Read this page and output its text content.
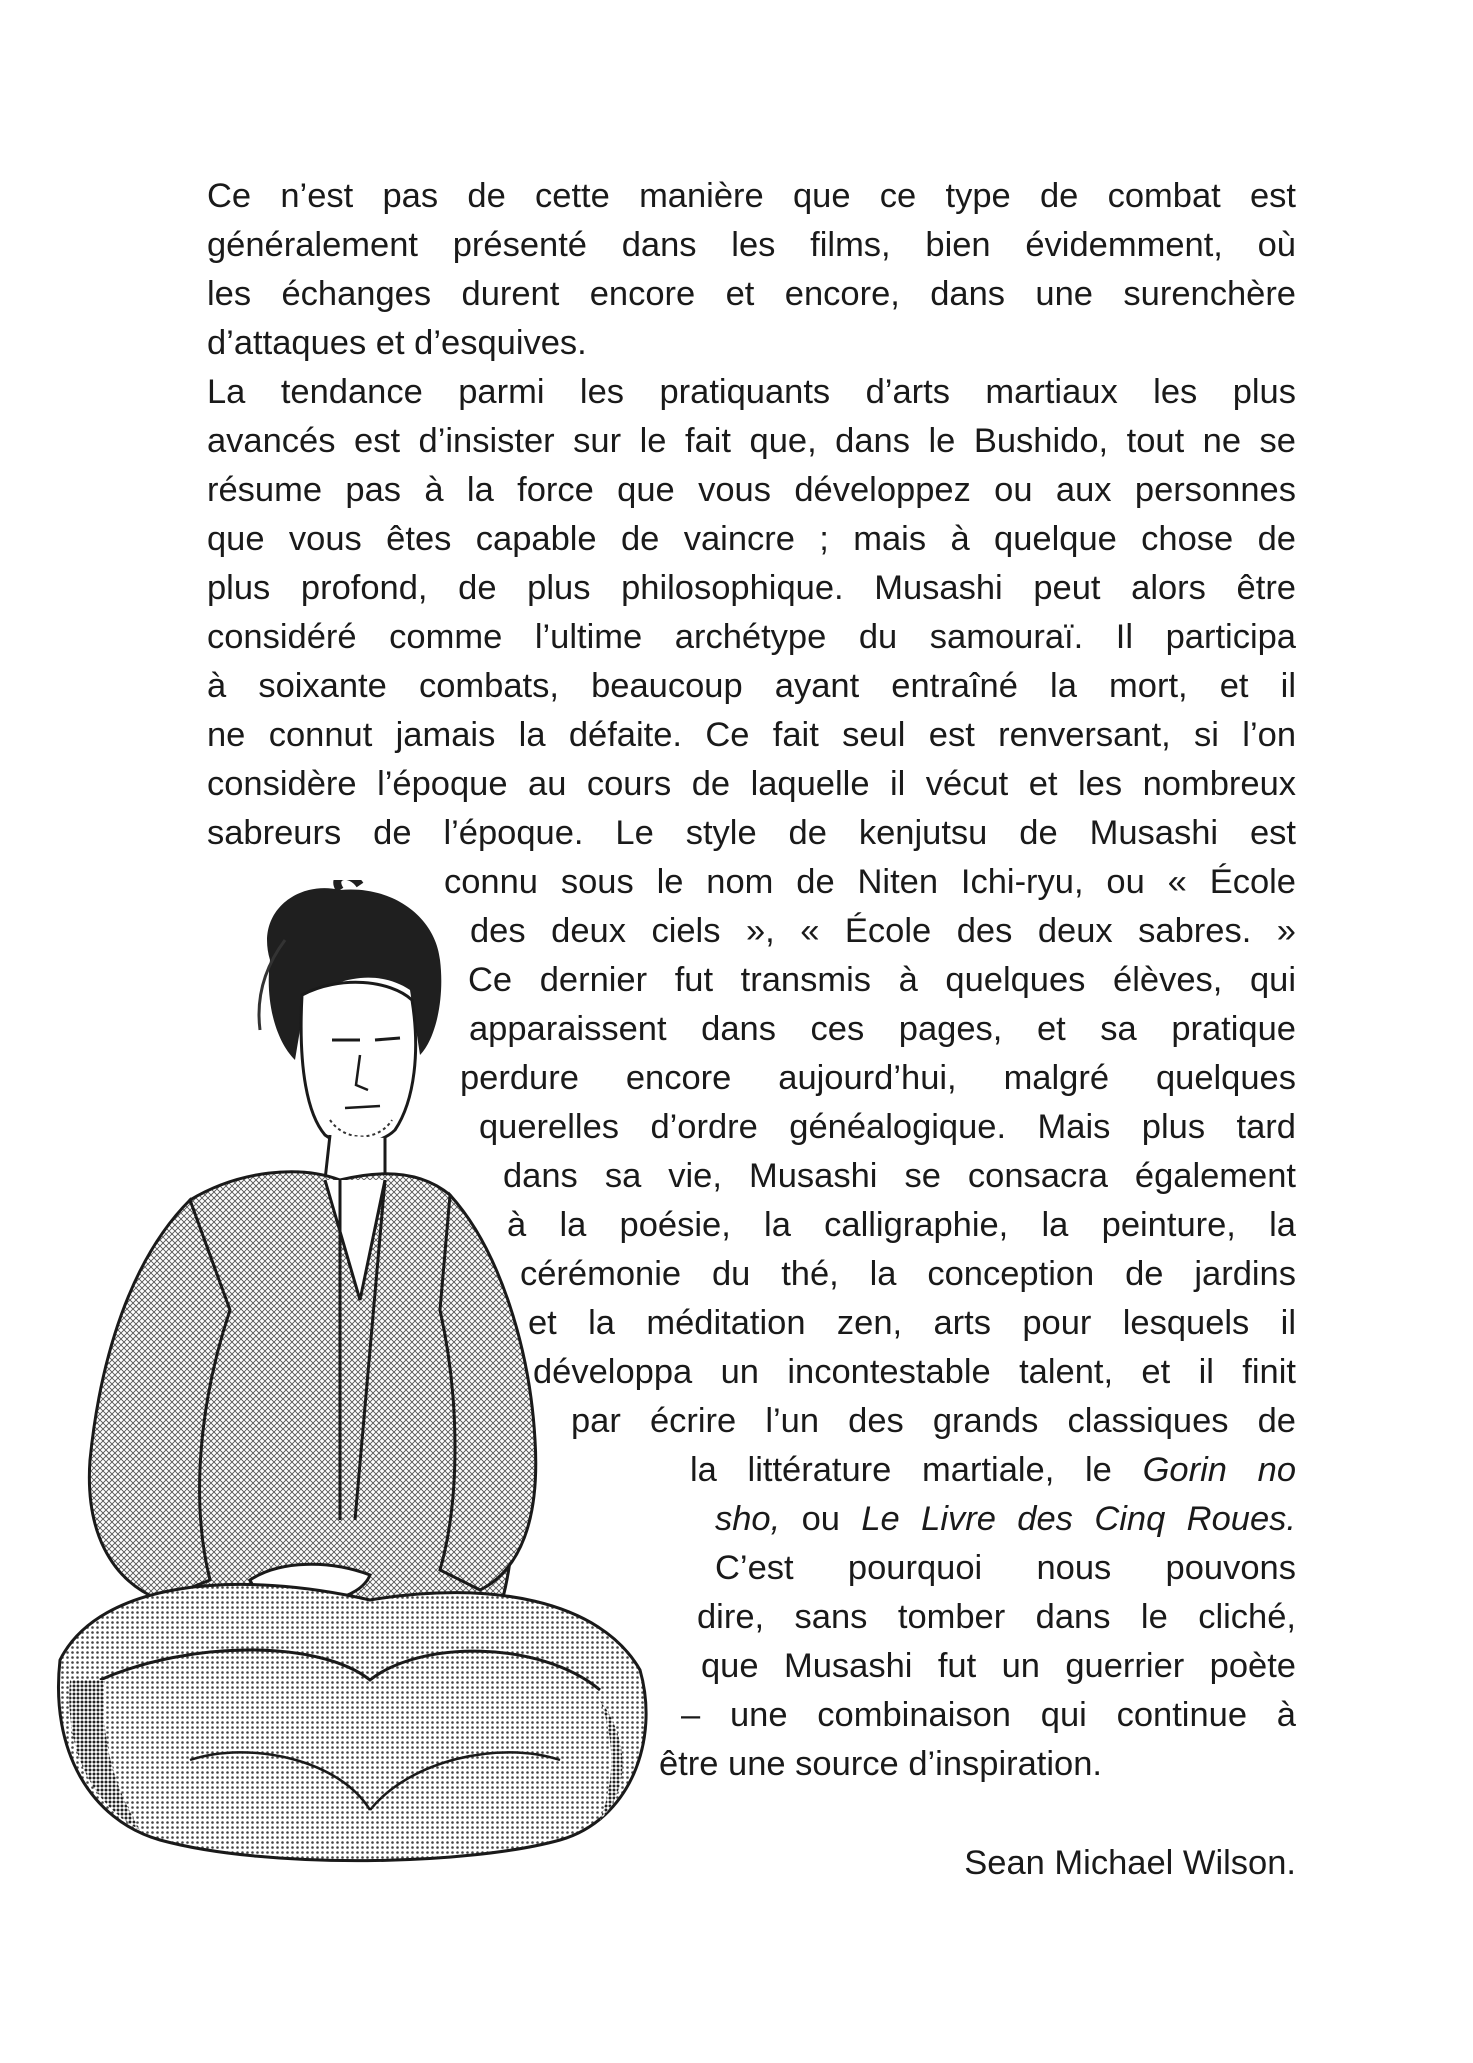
Ce n’est pas de cette manière que ce type de combat est
généralement présenté dans les films, bien évidemment, où
les échanges durent encore et encore, dans une surenchère
d’attaques et d’esquives.
La tendance parmi les pratiquants d’arts martiaux les plus
avancés est d’insister sur le fait que, dans le Bushido, tout ne se
résume pas à la force que vous développez ou aux personnes
que vous êtes capable de vaincre ; mais à quelque chose de
plus profond, de plus philosophique. Musashi peut alors être
considéré comme l’ultime archétype du samouraï. Il participa
à soixante combats, beaucoup ayant entraîné la mort, et il
ne connut jamais la défaite. Ce fait seul est renversant, si l’on
considère l’époque au cours de laquelle il vécut et les nombreux
sabreurs de l’époque. Le style de kenjutsu de Musashi est
connu sous le nom de Niten Ichi-ryu, ou « École
des deux ciels », « École des deux sabres. »
Ce dernier fut transmis à quelques élèves, qui
apparaissent dans ces pages, et sa pratique
perdure encore aujourd’hui, malgré quelques
querelles d’ordre généalogique. Mais plus tard
dans sa vie, Musashi se consacra également
à la poésie, la calligraphie, la peinture, la
cérémonie du thé, la conception de jardins
et la méditation zen, arts pour lesquels il
développa un incontestable talent, et il finit
par écrire l’un des grands classiques de
la littérature martiale, le Gorin no
sho, ou Le Livre des Cinq Roues.
C’est pourquoi nous pouvons
dire, sans tomber dans le cliché,
que Musashi fut un guerrier poète
– une combinaison qui continue à
être une source d’inspiration.
Sean Michael Wilson.
